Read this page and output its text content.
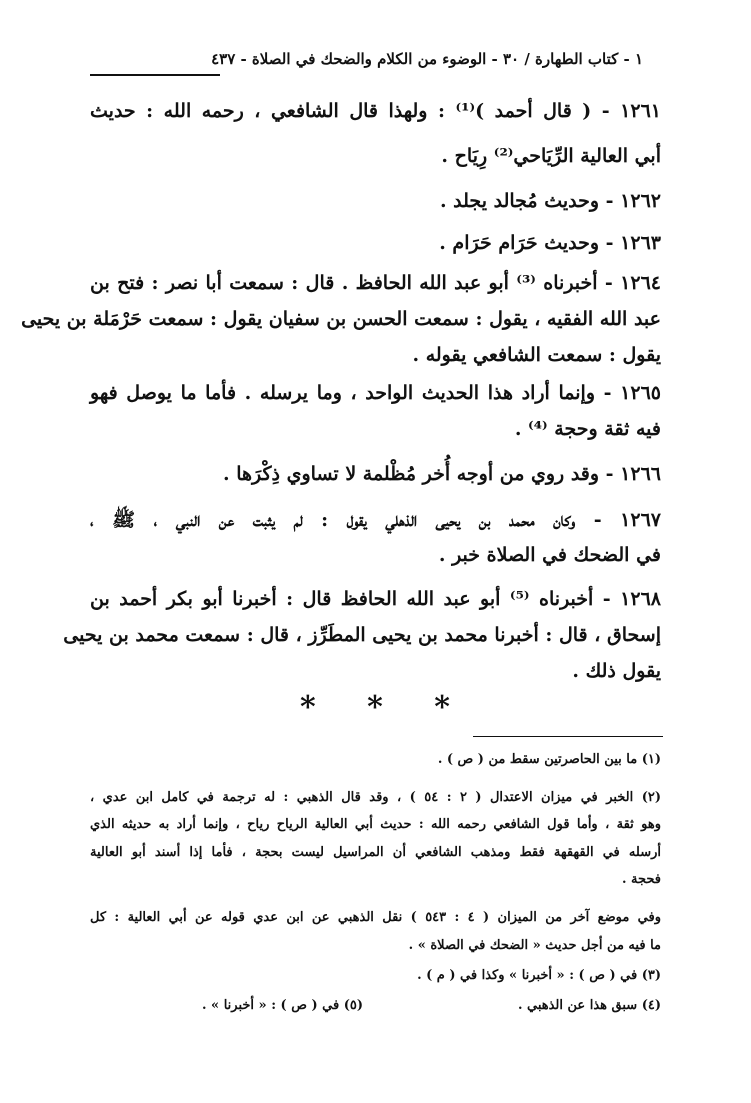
١ - كتاب الطهارة / ٣٠ - الوضوء من الكلام والضحك في الصلاة - ٤٣٧
١٢٦١ - ( قال أحمد )⁽¹⁾ : ولهذا قال الشافعي ، رحمه الله : حديث
أبي العالية الرِّيَاحي⁽²⁾ رِيَاح .
١٢٦٢ - وحديث مُجالد يجلد .
١٢٦٣ - وحديث حَرَام حَرَام .
١٢٦٤ - أخبرناه ⁽³⁾ أبو عبد الله الحافظ . قال : سمعت أبا نصر : فتح بن
عبد الله الفقيه ، يقول : سمعت الحسن بن سفيان يقول : سمعت حَرْمَلة بن يحيى
يقول : سمعت الشافعي يقوله .
١٢٦٥ - وإنما أراد هذا الحديث الواحد ، وما يرسله . فأما ما يوصل فهو
فيه ثقة وحجة ⁽⁴⁾ .
١٢٦٦ - وقد روي من أوجه أُخر مُظْلمة لا تساوي ذِكْرَها .
١٢٦٧ - وكان محمد بن يحيى الذهلي يقول : لم يثبت عن النبي ، ﷺ ،
في الضحك في الصلاة خبر .
١٢٦٨ - أخبرناه ⁽⁵⁾ أبو عبد الله الحافظ قال : أخبرنا أبو بكر أحمد بن
إسحاق ، قال : أخبرنا محمد بن يحيى المطَرِّز ، قال : سمعت محمد بن يحيى
يقول ذلك .
* * *
(١) ما بين الحاصرتين سقط من ( ص ) .
(٢) الخبر في ميزان الاعتدال ( ٢ : ٥٤ ) ، وقد قال الذهبي : له ترجمة في كامل ابن عدي ،
وهو ثقة ، وأما قول الشافعي رحمه الله : حديث أبي العالية الرياح رياح ، وإنما أراد به حديثه الذي
أرسله في القهقهة فقط ومذهب الشافعي أن المراسيل ليست بحجة ، فأما إذا أسند أبو العالية
فحجة .
وفي موضع آخر من الميزان ( ٤ : ٥٤٣ ) نقل الذهبي عن ابن عدي قوله عن أبي العالية : كل
ما فيه من أجل حديث « الضحك في الصلاة » .
(٣) في ( ص ) : « أخبرنا » وكذا في ( م ) .
(٤) سبق هذا عن الذهبي .
(٥) في ( ص ) : « أخبرنا » .
